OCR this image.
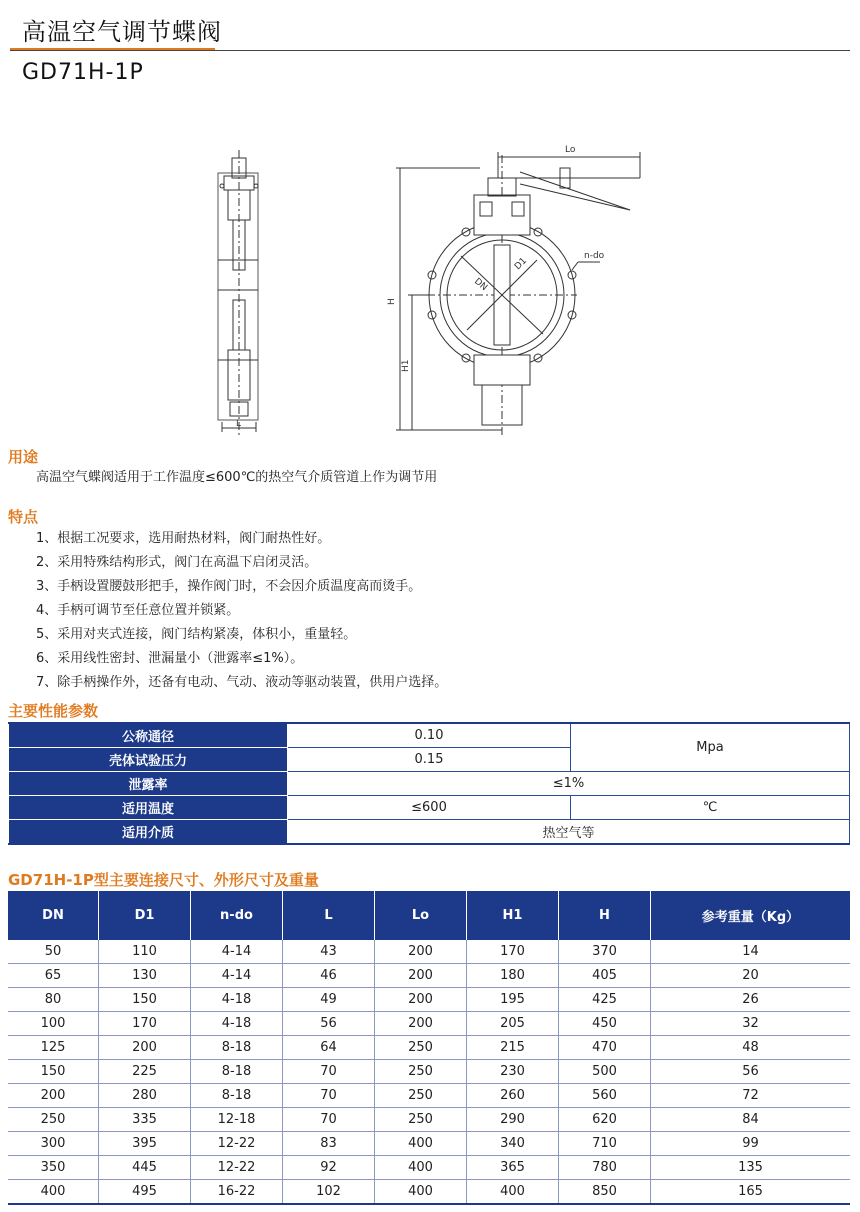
高温空气调节蝶阀
GD71H-1P
L
Lo
n-do
DN
D1
H
H1
用途
高温空气蝶阀适用于工作温度≤600℃的热空气介质管道上作为调节用
特点
1、根据工况要求，选用耐热材料，阀门耐热性好。
2、采用特殊结构形式，阀门在高温下启闭灵活。
3、手柄设置腰鼓形把手，操作阀门时，不会因介质温度高而烫手。
4、手柄可调节至任意位置并锁紧。
5、采用对夹式连接，阀门结构紧凑，体积小，重量轻。
6、采用线性密封、泄漏量小（泄露率≤1%）。
7、除手柄操作外，还备有电动、气动、液动等驱动装置，供用户选择。
主要性能参数
公称通径	0.10	Mpa
壳体试验压力	0.15	
泄露率	≤1%	
适用温度	≤600	℃
适用介质	热空气等	
GD71H-1P型主要连接尺寸、外形尺寸及重量
DN	D1	n-do	L	Lo	H1	H	参考重量（Kg）
50	110	4-14	43	200	170	370	14
65	130	4-14	46	200	180	405	20
80	150	4-18	49	200	195	425	26
100	170	4-18	56	200	205	450	32
125	200	8-18	64	250	215	470	48
150	225	8-18	70	250	230	500	56
200	280	8-18	70	250	260	560	72
250	335	12-18	70	250	290	620	84
300	395	12-22	83	400	340	710	99
350	445	12-22	92	400	365	780	135
400	495	16-22	102	400	400	850	165
